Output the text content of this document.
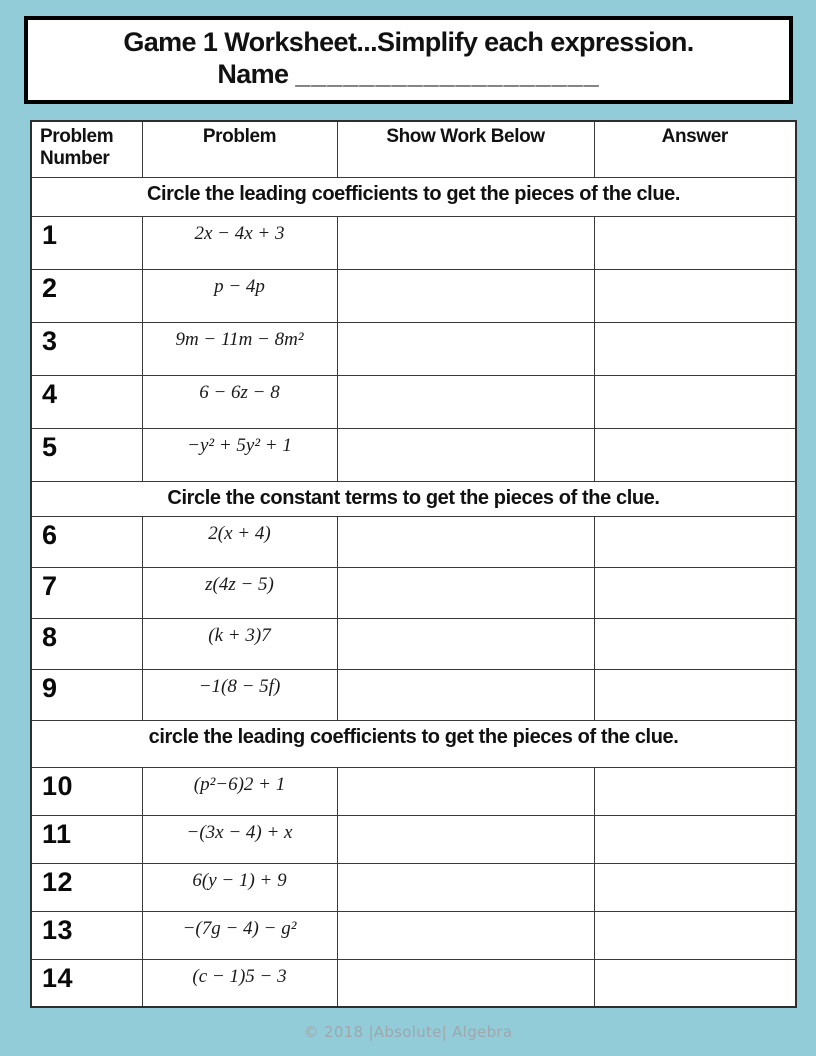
Game 1 Worksheet...Simplify each expression.
Name ___________________
Problem Number	Problem	Show Work Below	Answer
Circle the leading coefficients to get the pieces of the clue.			
1	2x − 4x + 3		
2	p − 4p		
3	9m − 11m − 8m²		
4	6 − 6z − 8		
5	−y² + 5y² + 1		
Circle the constant terms to get the pieces of the clue.			
6	2(x + 4)		
7	z(4z − 5)		
8	(k + 3)7		
9	−1(8 − 5f)		
circle the leading coefficients to get the pieces of the clue.			
10	(p²−6)2 + 1		
11	−(3x − 4) + x		
12	6(y − 1) + 9		
13	−(7g − 4) − g²		
14	(c − 1)5 − 3		
© 2018 |Absolute| Algebra
